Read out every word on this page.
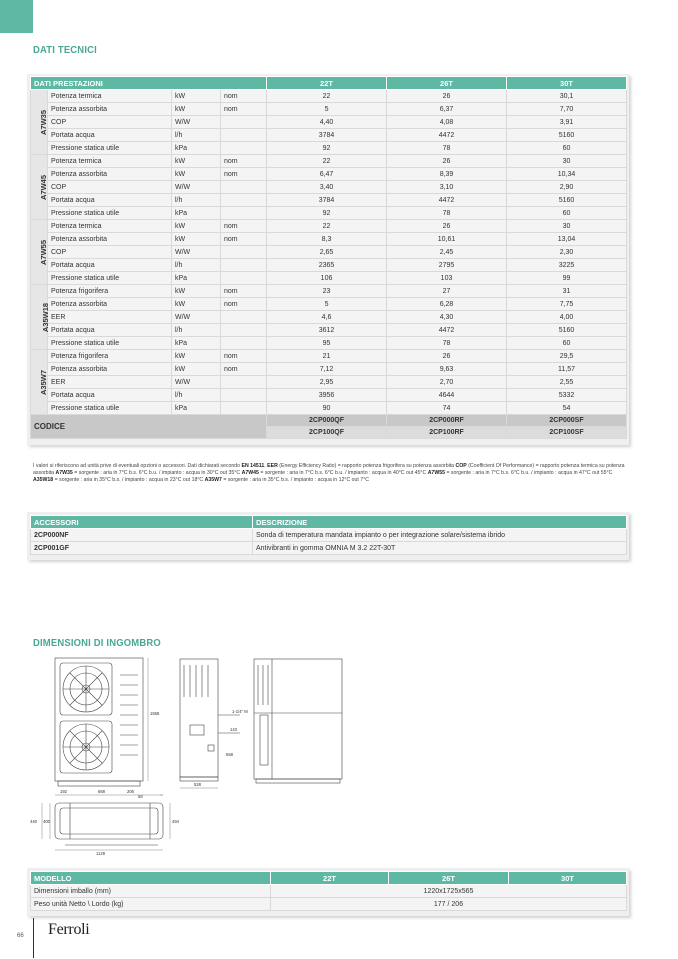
DATI TECNICI
DATI PRESTAZIONI				22T	26T	30T
A7W35	Potenza termica	kW	nom	22	26	30,1
	Potenza assorbita	kW	nom	5	6,37	7,70
	COP	W/W		4,40	4,08	3,91
	Portata acqua	l/h		3784	4472	5160
	Pressione statica utile	kPa		92	78	60
A7W45	Potenza termica	kW	nom	22	26	30
	Potenza assorbita	kW	nom	6,47	8,39	10,34
	COP	W/W		3,40	3,10	2,90
	Portata acqua	l/h		3784	4472	5160
	Pressione statica utile	kPa		92	78	60
A7W55	Potenza termica	kW	nom	22	26	30
	Potenza assorbita	kW	nom	8,3	10,61	13,04
	COP	W/W		2,65	2,45	2,30
	Portata acqua	l/h		2365	2795	3225
	Pressione statica utile	kPa		106	103	99
A35W18	Potenza frigorifera	kW	nom	23	27	31
	Potenza assorbita	kW	nom	5	6,28	7,75
	EER	W/W		4,6	4,30	4,00
	Portata acqua	l/h		3612	4472	5160
	Pressione statica utile	kPa		95	78	60
A35W7	Potenza frigorifera	kW	nom	21	26	29,5
	Potenza assorbita	kW	nom	7,12	9,63	11,57
	EER	W/W		2,95	2,70	2,55
	Portata acqua	l/h		3956	4644	5332
	Pressione statica utile	kPa		90	74	54
CODICE				2CP000QF	2CP000RF	2CP000SF
				2CP100QF	2CP100RF	2CP100SF
I valori si riferiscono ad unità prive di eventuali opzioni o accessori. Dati dichiarati secondo EN 14511. EER (Energy Efficiency Ratio) = rapporto potenza frigorifera su potenza assorbita COP (Coefficient Of Performance) = rapporto potenza termica su potenza assorbita A7W35 = sorgente : aria in 7°C b.s. 6°C b.u. / impianto : acqua in 30°C out 35°C A7W45 = sorgente : aria in 7°C b.s. 6°C b.u. / impianto : acqua in 40°C out 45°C A7W55 = sorgente : aria in 7°C b.s. 6°C b.u. / impianto : acqua in 47°C out 55°C A35W18 = sorgente : aria in 35°C b.s. / impianto : acqua in 23°C out 18°C A35W7 = sorgente : aria in 35°C b.s. / impianto : acqua in 12°C out 7°C
ACCESSORI	DESCRIZIONE
2CP000NF	Sonda di temperatura mandata impianto o per integrazione solare/sistema ibrido
2CP001GF	Antivibranti in gomma OMNIA M 3.2 22T-30T
DIMENSIONI DI INGOMBRO
1558	1-1/4" M
143
558
528
192	668	206
58
440 400	494
1129
MODELLO	22T	26T	30T
Dimensioni imballo (mm)	1220x1725x565		
Peso unità Netto \ Lordo (kg)	177 / 206		
66 Ferroli
